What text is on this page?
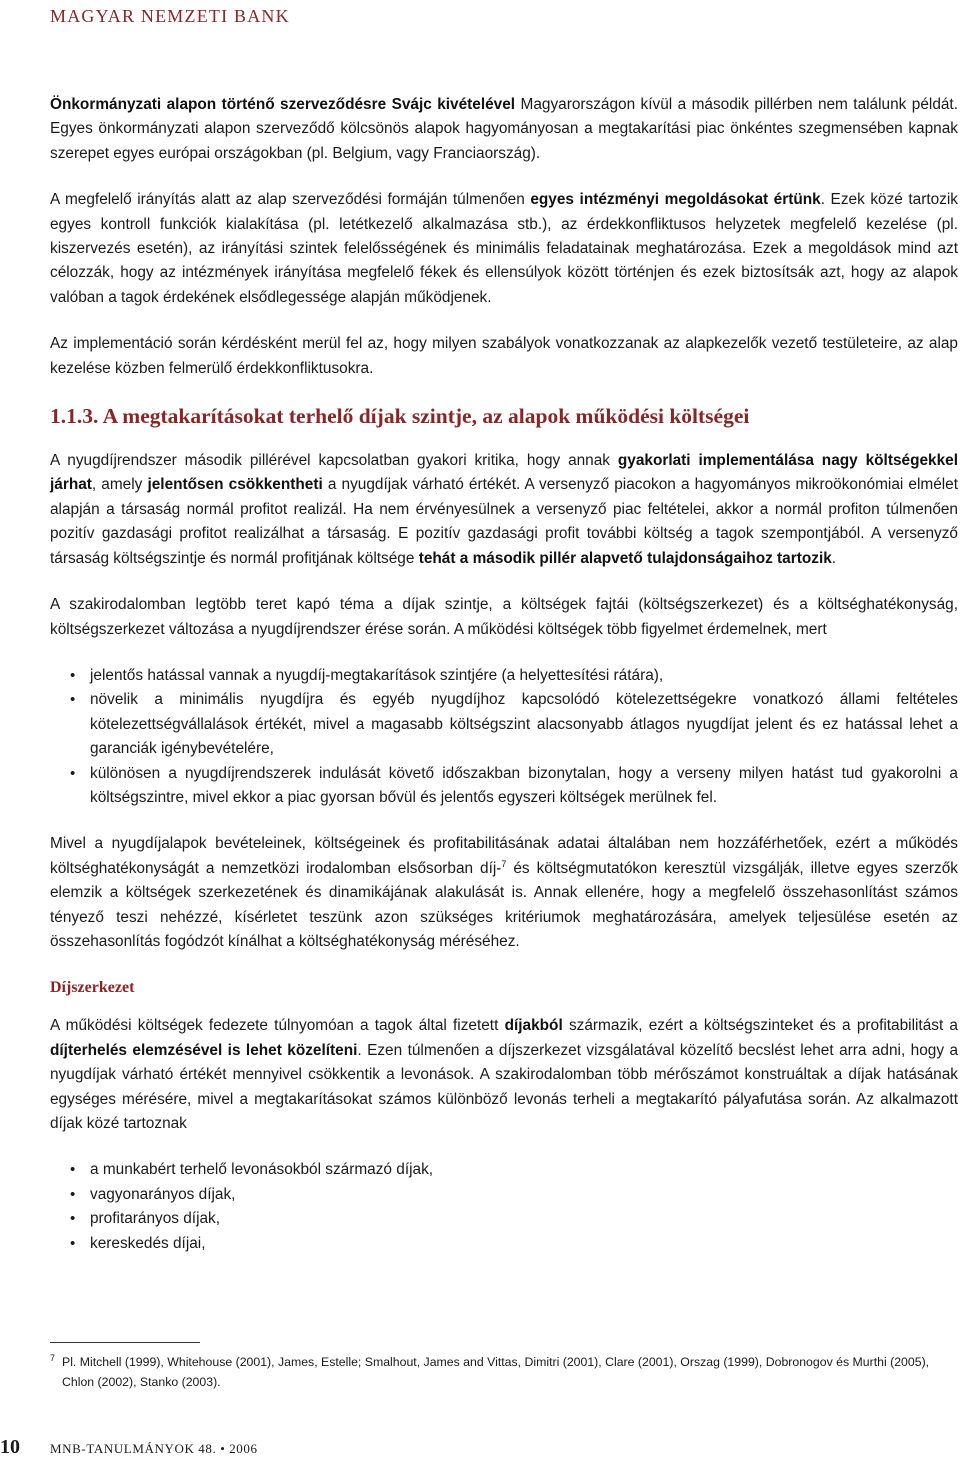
MAGYAR NEMZETI BANK

Önkormányzati alapon történő szerveződésre Svájc kivételével Magyarországon kívül a második pillérben nem találunk példát. Egyes önkormányzati alapon szerveződő kölcsönös alapok hagyományosan a megtakarítási piac önkéntes szegmensében kapnak szerepet egyes európai országokban (pl. Belgium, vagy Franciaország).

A megfelelő irányítás alatt az alap szerveződési formáján túlmenően egyes intézményi megoldásokat értünk. Ezek közé tartozik egyes kontroll funkciók kialakítása (pl. letétkezelő alkalmazása stb.), az érdekkonfliktusos helyzetek megfelelő kezelése (pl. kiszervezés esetén), az irányítási szintek felelősségének és minimális feladatainak meghatározása. Ezek a megoldások mind azt célozzák, hogy az intézmények irányítása megfelelő fékek és ellensúlyok között történjen és ezek biztosítsák azt, hogy az alapok valóban a tagok érdekének elsődlegessége alapján működjenek.

Az implementáció során kérdésként merül fel az, hogy milyen szabályok vonatkozzanak az alapkezelők vezető testületeire, az alap kezelése közben felmerülő érdekkonfliktusokra.

1.1.3. A megtakarításokat terhelő díjak szintje, az alapok működési költségei

A nyugdíjrendszer második pillérével kapcsolatban gyakori kritika, hogy annak gyakorlati implementálása nagy költségekkel járhat, amely jelentősen csökkentheti a nyugdíjak várható értékét. A versenyző piacokon a hagyományos mikroökonómiai elmélet alapján a társaság normál profitot realizál. Ha nem érvényesülnek a versenyző piac feltételei, akkor a normál profiton túlmenően pozitív gazdasági profitot realizálhat a társaság. E pozitív gazdasági profit további költség a tagok szempontjából. A versenyző társaság költségszintje és normál profitjának költsége tehát a második pillér alapvető tulajdonságaihoz tartozik.

A szakirodalomban legtöbb teret kapó téma a díjak szintje, a költségek fajtái (költségszerkezet) és a költséghatékonyság, költségszerkezet változása a nyugdíjrendszer érése során. A működési költségek több figyelmet érdemelnek, mert

• jelentős hatással vannak a nyugdíj-megtakarítások szintjére (a helyettesítési rátára),
• növelik a minimális nyugdíjra és egyéb nyugdíjhoz kapcsolódó kötelezettségekre vonatkozó állami feltételes kötelezettségvállalások értékét, mivel a magasabb költségszint alacsonyabb átlagos nyugdíjat jelent és ez hatással lehet a garanciák igénybevételére,
• különösen a nyugdíjrendszerek indulását követő időszakban bizonytalan, hogy a verseny milyen hatást tud gyakorolni a költségszintre, mivel ekkor a piac gyorsan bővül és jelentős egyszeri költségek merülnek fel.

Mivel a nyugdíjalapok bevételeinek, költségeinek és profitabilitásának adatai általában nem hozzáférhetőek, ezért a működés költséghatékonyságát a nemzetközi irodalomban elsősorban díj-$^7$ és költségmutatókon keresztül vizsgálják, illetve egyes szerzők elemzik a költségek szerkezetének és dinamikájának alakulását is. Annak ellenére, hogy a megfelelő összehasonlítást számos tényező teszi nehézzé, kísérletet teszünk azon szükséges kritériumok meghatározására, amelyek teljesülése esetén az összehasonlítás fogódzót kínálhat a költséghatékonyság méréséhez.

Díjszerkezet

A működési költségek fedezete túlnyomóan a tagok által fizetett díjakból származik, ezért a költségszinteket és a profitabilitást a díjterhelés elemzésével is lehet közelíteni. Ezen túlmenően a díjszerkezet vizsgálatával közelítő becslést lehet arra adni, hogy a nyugdíjak várható értékét mennyivel csökkentik a levonások. A szakirodalomban több mérőszámot konstruáltak a díjak hatásának egységes mérésére, mivel a megtakarításokat számos különböző levonás terheli a megtakarító pályafutása során. Az alkalmazott díjak közé tartoznak

• a munkabért terhelő levonásokból származó díjak,
• vagyonarányos díjak,
• profitarányos díjak,
• kereskedés díjai,
7 Pl. Mitchell (1999), Whitehouse (2001), James, Estelle; Smalhout, James and Vittas, Dimitri (2001), Clare (2001), Orszag (1999), Dobronogov és Murthi (2005), Chlon (2002), Stanko (2003).
10 MNB-TANULMÁNYOK 48. • 2006
